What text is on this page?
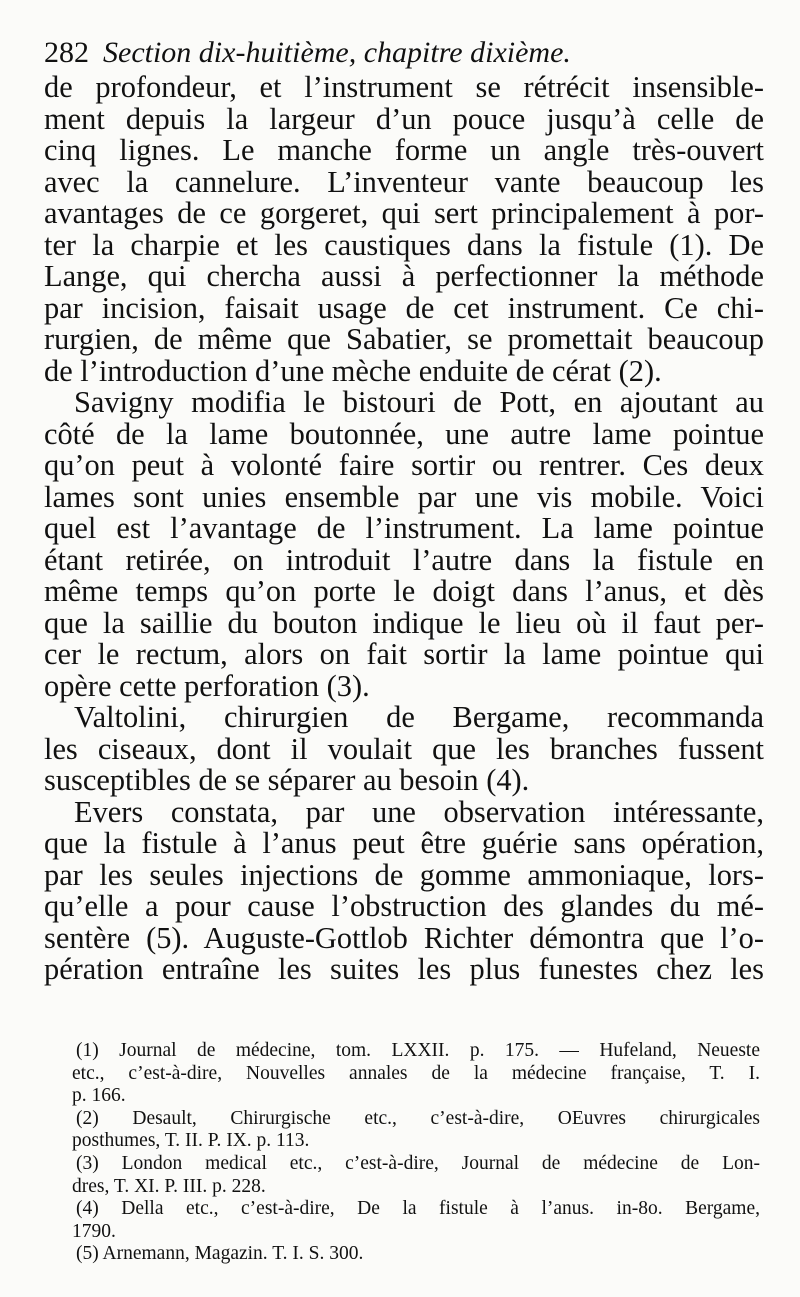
282 Section dix-huitième, chapitre dixième.
de profondeur, et l’instrument se rétrécit insensible-
ment depuis la largeur d’un pouce jusqu’à celle de
cinq lignes. Le manche forme un angle très-ouvert
avec la cannelure. L’inventeur vante beaucoup les
avantages de ce gorgeret, qui sert principalement à por-
ter la charpie et les caustiques dans la fistule (1). De
Lange, qui chercha aussi à perfectionner la méthode
par incision, faisait usage de cet instrument. Ce chi-
rurgien, de même que Sabatier, se promettait beaucoup
de l’introduction d’une mèche enduite de cérat (2).
Savigny modifia le bistouri de Pott, en ajoutant au
côté de la lame boutonnée, une autre lame pointue
qu’on peut à volonté faire sortir ou rentrer. Ces deux
lames sont unies ensemble par une vis mobile. Voici
quel est l’avantage de l’instrument. La lame pointue
étant retirée, on introduit l’autre dans la fistule en
même temps qu’on porte le doigt dans l’anus, et dès
que la saillie du bouton indique le lieu où il faut per-
cer le rectum, alors on fait sortir la lame pointue qui
opère cette perforation (3).
Valtolini, chirurgien de Bergame, recommanda
les ciseaux, dont il voulait que les branches fussent
susceptibles de se séparer au besoin (4).
Evers constata, par une observation intéressante,
que la fistule à l’anus peut être guérie sans opération,
par les seules injections de gomme ammoniaque, lors-
qu’elle a pour cause l’obstruction des glandes du mé-
sentère (5). Auguste-Gottlob Richter démontra que l’o-
pération entraîne les suites les plus funestes chez les
(1) Journal de médecine, tom. LXXII. p. 175. — Hufeland, Neueste
etc., c’est-à-dire, Nouvelles annales de la médecine française, T. I.
p. 166.
(2) Desault, Chirurgische etc., c’est-à-dire, OEuvres chirurgicales
posthumes, T. II. P. IX. p. 113.
(3) London medical etc., c’est-à-dire, Journal de médecine de Lon-
dres, T. XI. P. III. p. 228.
(4) Della etc., c’est-à-dire, De la fistule à l’anus. in-8o. Bergame,
1790.
(5) Arnemann, Magazin. T. I. S. 300.
